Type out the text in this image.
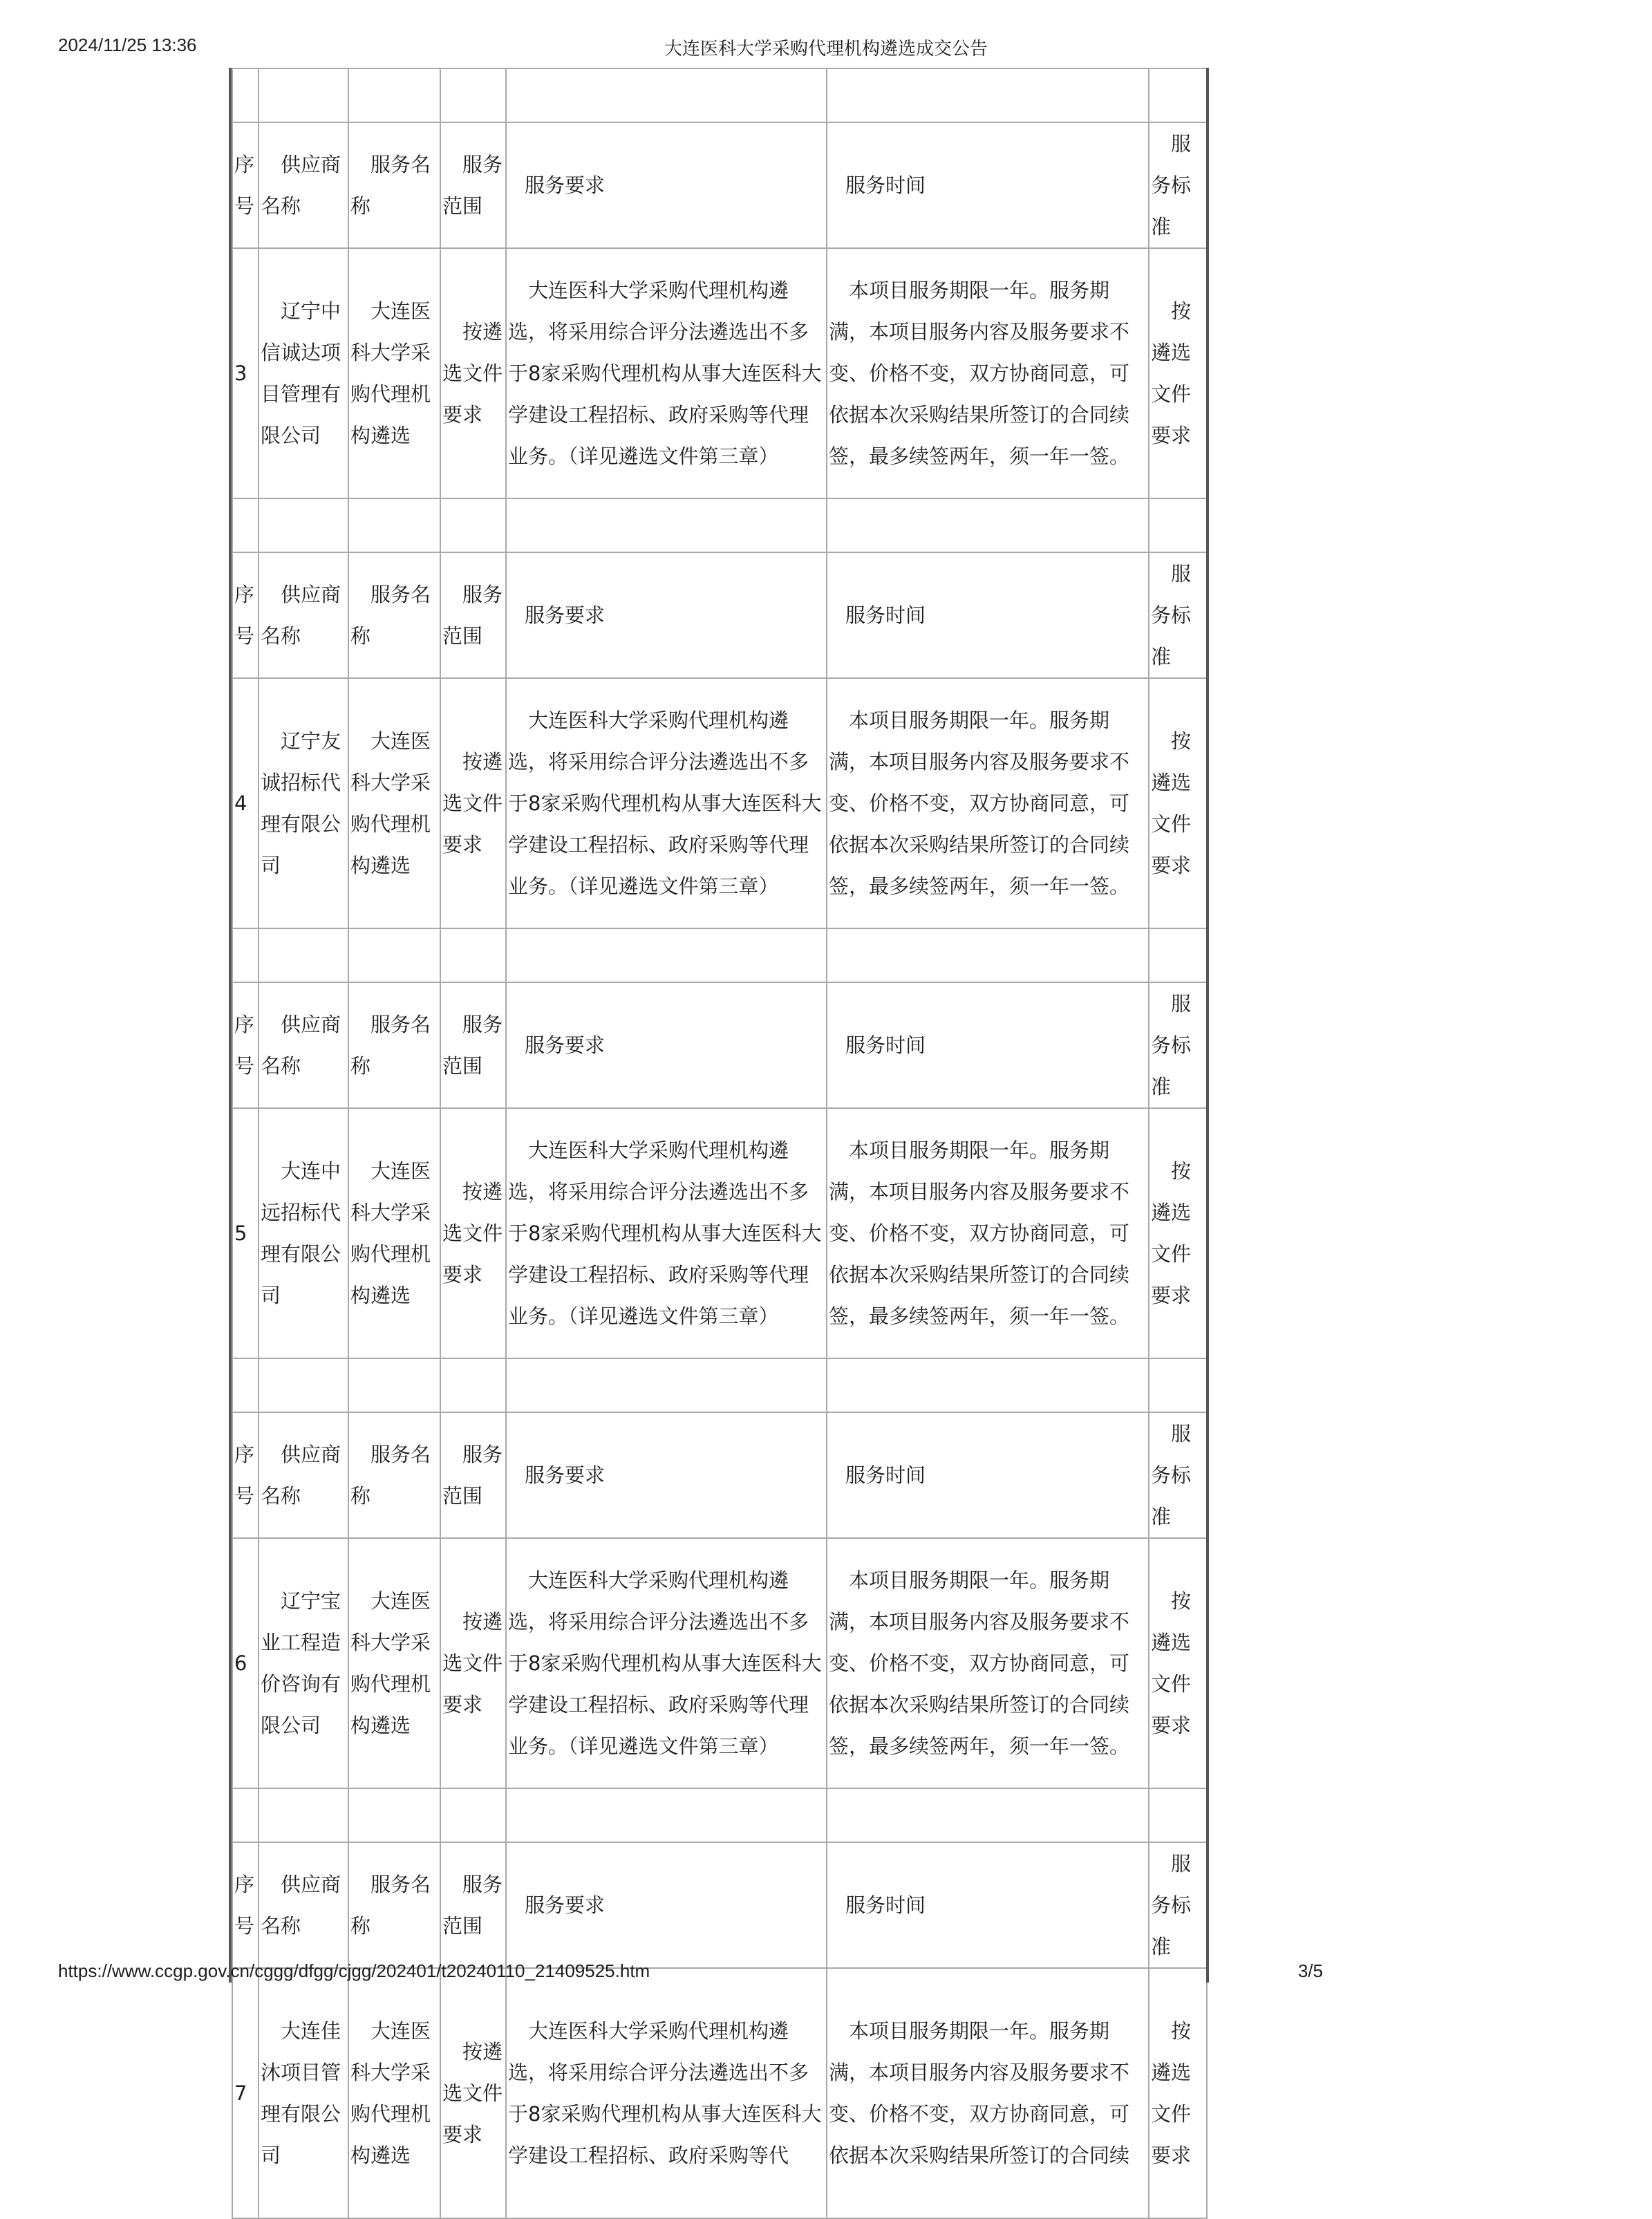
2024/11/25 13:36	大连医科大学采购代理机构遴选成交公告

序号	供应商名称	服务名称	服务范围	服务要求	服务时间	服务标准
3	辽宁中信诚达项目管理有限公司	大连医科大学采购代理机构遴选	按遴选文件要求	大连医科大学采购代理机构遴选，将采用综合评分法遴选出不多于8家采购代理机构从事大连医科大学建设工程招标、政府采购等代理业务。（详见遴选文件第三章）	本项目服务期限一年。服务期满，本项目服务内容及服务要求不变、价格不变，双方协商同意，可依据本次采购结果所签订的合同续签，最多续签两年，须一年一签。	按遴选文件要求

序号	供应商名称	服务名称	服务范围	服务要求	服务时间	服务标准
4	辽宁友诚招标代理有限公司	大连医科大学采购代理机构遴选	按遴选文件要求	大连医科大学采购代理机构遴选，将采用综合评分法遴选出不多于8家采购代理机构从事大连医科大学建设工程招标、政府采购等代理业务。（详见遴选文件第三章）	本项目服务期限一年。服务期满，本项目服务内容及服务要求不变、价格不变，双方协商同意，可依据本次采购结果所签订的合同续签，最多续签两年，须一年一签。	按遴选文件要求

序号	供应商名称	服务名称	服务范围	服务要求	服务时间	服务标准
5	大连中远招标代理有限公司	大连医科大学采购代理机构遴选	按遴选文件要求	大连医科大学采购代理机构遴选，将采用综合评分法遴选出不多于8家采购代理机构从事大连医科大学建设工程招标、政府采购等代理业务。（详见遴选文件第三章）	本项目服务期限一年。服务期满，本项目服务内容及服务要求不变、价格不变，双方协商同意，可依据本次采购结果所签订的合同续签，最多续签两年，须一年一签。	按遴选文件要求

序号	供应商名称	服务名称	服务范围	服务要求	服务时间	服务标准
6	辽宁宝业工程造价咨询有限公司	大连医科大学采购代理机构遴选	按遴选文件要求	大连医科大学采购代理机构遴选，将采用综合评分法遴选出不多于8家采购代理机构从事大连医科大学建设工程招标、政府采购等代理业务。（详见遴选文件第三章）	本项目服务期限一年。服务期满，本项目服务内容及服务要求不变、价格不变，双方协商同意，可依据本次采购结果所签订的合同续签，最多续签两年，须一年一签。	按遴选文件要求

序号	供应商名称	服务名称	服务范围	服务要求	服务时间	服务标准
7	大连佳沐项目管理有限公司	大连医科大学采购代理机构遴选	按遴选文件要求	大连医科大学采购代理机构遴选，将采用综合评分法遴选出不多于8家采购代理机构从事大连医科大学建设工程招标、政府采购等代	本项目服务期限一年。服务期满，本项目服务内容及服务要求不变、价格不变，双方协商同意，可依据本次采购结果所签订的合同续	按遴选文件要求
https://www.ccgp.gov.cn/cggg/dfgg/cjgg/202401/t20240110_21409525.htm	3/5
